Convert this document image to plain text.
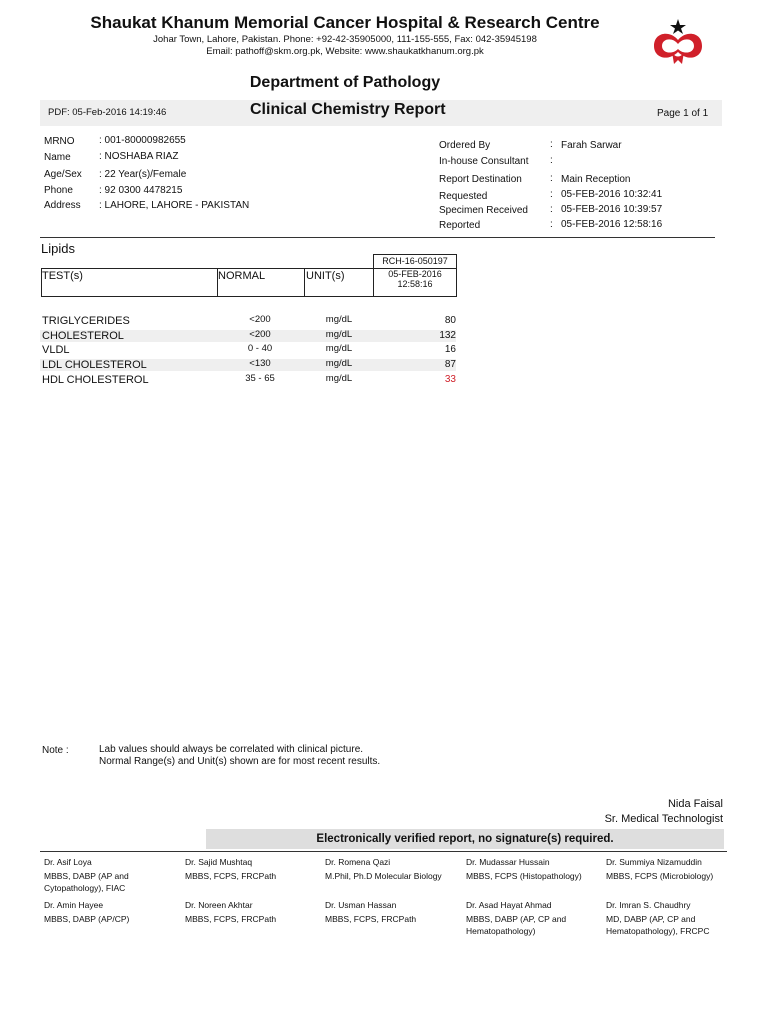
Shaukat Khanum Memorial Cancer Hospital & Research Centre
Johar Town, Lahore, Pakistan. Phone: +92-42-35905000, 111-155-555, Fax: 042-35945198
Email: pathoff@skm.org.pk, Website: www.shaukatkhanum.org.pk
Department of Pathology
PDF: 05-Feb-2016 14:19:46	Clinical Chemistry Report	Page 1 of 1
MRNO : 001-80000982655
Name	: NOSHABA RIAZ
Age/Sex : 22 Year(s)/Female
Phone	: 92 0300 4478215
Address : LAHORE, LAHORE - PAKISTAN
Ordered By	: Farah Sarwar
In-house Consultant :
Report Destination	: Main Reception
Requested	: 05-FEB-2016 10:32:41
Specimen Received : 05-FEB-2016 10:39:57
Reported	: 05-FEB-2016 12:58:16
Lipids
RCH-16-050197
TEST(s)	NORMAL	UNIT(s)	05-FEB-2016
12:58:16
TRIGLYCERIDES	<200	mg/dL	80
CHOLESTEROL	<200	mg/dL	132
VLDL	0 - 40	mg/dL	16
LDL CHOLESTEROL	<130	mg/dL	87
HDL CHOLESTEROL	35 - 65	mg/dL	33
Note :	Lab values should always be correlated with clinical picture.
Normal Range(s) and Unit(s) shown are for most recent results.
Nida Faisal
Sr. Medical Technologist
Electronically verified report, no signature(s) required.
Dr. Asif Loya
MBBS, DABP (AP and
Cytopathology), FIAC
Dr. Sajid Mushtaq
MBBS, FCPS, FRCPath
Dr. Romena Qazi
M.Phil, Ph.D Molecular Biology
Dr. Mudassar Hussain
MBBS, FCPS (Histopathology)
Dr. Summiya Nizamuddin
MBBS, FCPS (Microbiology)
Dr. Amin Hayee
MBBS, DABP (AP/CP)
Dr. Noreen Akhtar
MBBS, FCPS, FRCPath
Dr. Usman Hassan
MBBS, FCPS, FRCPath
Dr. Asad Hayat Ahmad
MBBS, DABP (AP, CP and
Hematopathology)
Dr. Imran S. Chaudhry
MD, DABP (AP, CP and
Hematopathology), FRCPC
